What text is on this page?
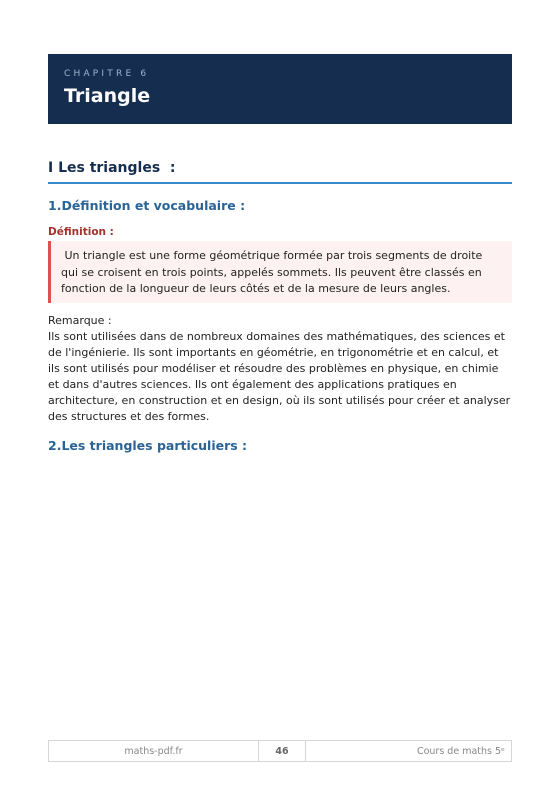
CHAPITRE 6
Triangle
I Les triangles  :
1.Définition et vocabulaire :
Définition :
Un triangle est une forme géométrique formée par trois segments de droite qui se croisent en trois points, appelés sommets. Ils peuvent être classés en fonction de la longueur de leurs côtés et de la mesure de leurs angles.
Remarque :
Ils sont utilisées dans de nombreux domaines des mathématiques, des sciences et de l'ingénierie. Ils sont importants en géométrie, en trigonométrie et en calcul, et ils sont utilisés pour modéliser et résoudre des problèmes en physique, en chimie et dans d'autres sciences. Ils ont également des applications pratiques en architecture, en construction et en design, où ils sont utilisés pour créer et analyser des structures et des formes.
2.Les triangles particuliers :
maths-pdf.fr	46	Cours de maths 5ᵉ
